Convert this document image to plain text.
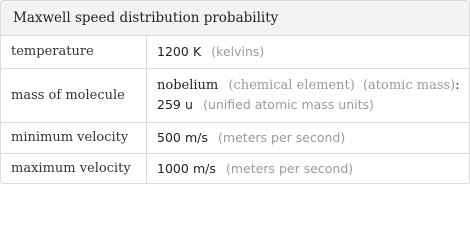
Maxwell speed distribution probability
temperature	1200 K (kelvins)
mass of molecule	nobelium (chemical element) (atomic mass):
259 u (unified atomic mass units)

minimum velocity	500 m/s (meters per second)
maximum velocity	1000 m/s (meters per second)
